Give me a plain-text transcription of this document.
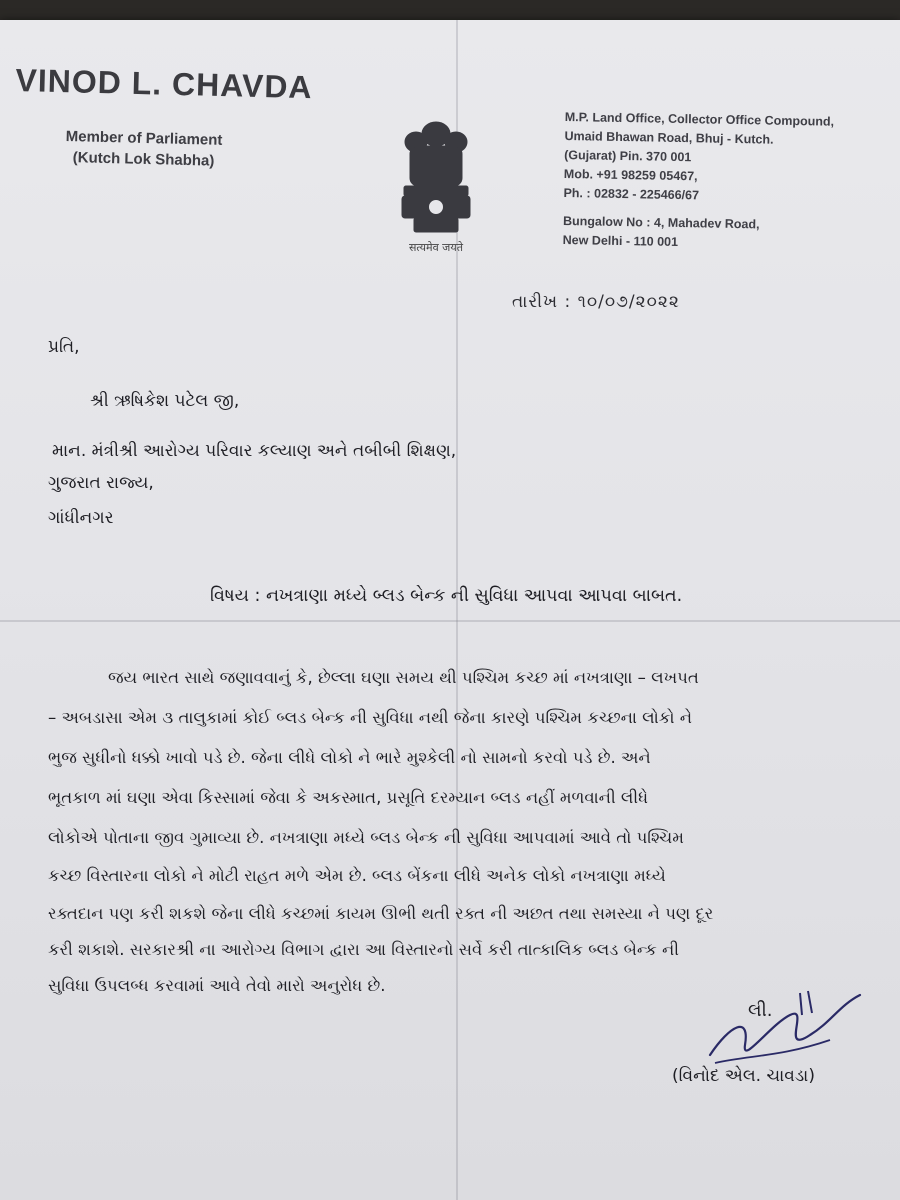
VINOD L. CHAVDA
Member of Parliament
(Kutch Lok Shabha)
सत्यमेव जयते
M.P. Land Office, Collector Office Compound,
Umaid Bhawan Road, Bhuj - Kutch.
(Gujarat) Pin. 370 001
Mob. +91 98259 05467,
Ph. : 02832 - 225466/67
Bungalow No : 4, Mahadev Road,
New Delhi - 110 001
તારીખ : ૧૦/૦૭/૨૦૨૨
પ્રતિ,
શ્રી ઋષિકેશ પટેલ જી,
માન. મંત્રીશ્રી આરોગ્ય પરિવાર કલ્યાણ અને તબીબી શિક્ષણ,
ગુજરાત રાજ્ય,
ગાંધીનગર
વિષય : નખત્રાણા મધ્યે બ્લડ બેન્ક ની સુવિધા આપવા આપવા બાબત.
જય ભારત સાથે જણાવવાનું કે, છેલ્લા ઘણા સમય થી પશ્ચિમ કચ્છ માં નખત્રાણા – લખપત
– અબડાસા એમ ૩ તાલુકામાં કોઈ બ્લડ બેન્ક ની સુવિધા નથી જેના કારણે પશ્ચિમ કચ્છના લોકો ને
ભુજ સુધીનો ધક્કો ખાવો પડે છે. જેના લીધે લોકો ને ભારે મુશ્કેલી નો સામનો કરવો પડે છે. અને
ભૂતકાળ માં ઘણા એવા કિસ્સામાં જેવા કે અકસ્માત, પ્રસૂતિ દરમ્યાન બ્લડ નહીં મળવાની લીધે
લોકોએ પોતાના જીવ ગુમાવ્યા છે. નખત્રાણા મધ્યે બ્લડ બેન્ક ની સુવિધા આપવામાં આવે તો પશ્ચિમ
કચ્છ વિસ્તારના લોકો ને મોટી રાહત મળે એમ છે. બ્લડ બેંકના લીધે અનેક લોકો નખત્રાણા મધ્યે
રક્તદાન પણ કરી શકશે જેના લીધે કચ્છમાં કાયમ ઊભી થતી રક્ત ની અછત તથા સમસ્યા ને પણ દૂર
કરી શકાશે. સરકારશ્રી ના આરોગ્ય વિભાગ દ્વારા આ વિસ્તારનો સર્વે કરી તાત્કાલિક બ્લડ બેન્ક ની
સુવિધા ઉપલબ્ધ કરવામાં આવે તેવો મારો અનુરોધ છે.
લી.
(વિનોદ એલ. ચાવડા)
